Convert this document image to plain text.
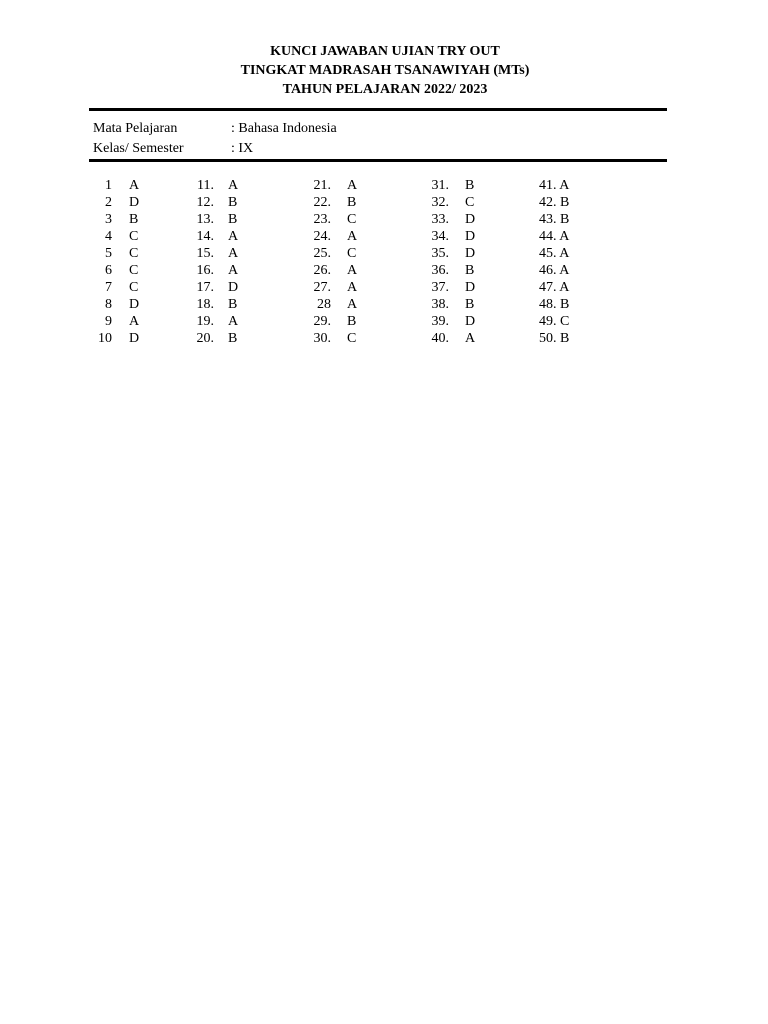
KUNCI JAWABAN UJIAN TRY OUT
TINGKAT MADRASAH TSANAWIYAH (MTs)
TAHUN PELAJARAN 2022/ 2023
Mata Pelajaran	: Bahasa Indonesia
Kelas/ Semester	: IX
1 A
2 D
3 B
4 C
5 C
6 C
7 C
8 D
9 A
10 D
11. A
12. B
13. B
14. A
15. A
16. A
17. D
18. B
19. A
20. B
21. A
22. B
23. C
24. A
25. C
26. A
27. A
28 A
29. B
30. C
31. B
32. C
33. D
34. D
35. D
36. B
37. D
38. B
39. D
40. A
41. A
42. B
43. B
44. A
45. A
46. A
47. A
48. B
49. C
50. B
